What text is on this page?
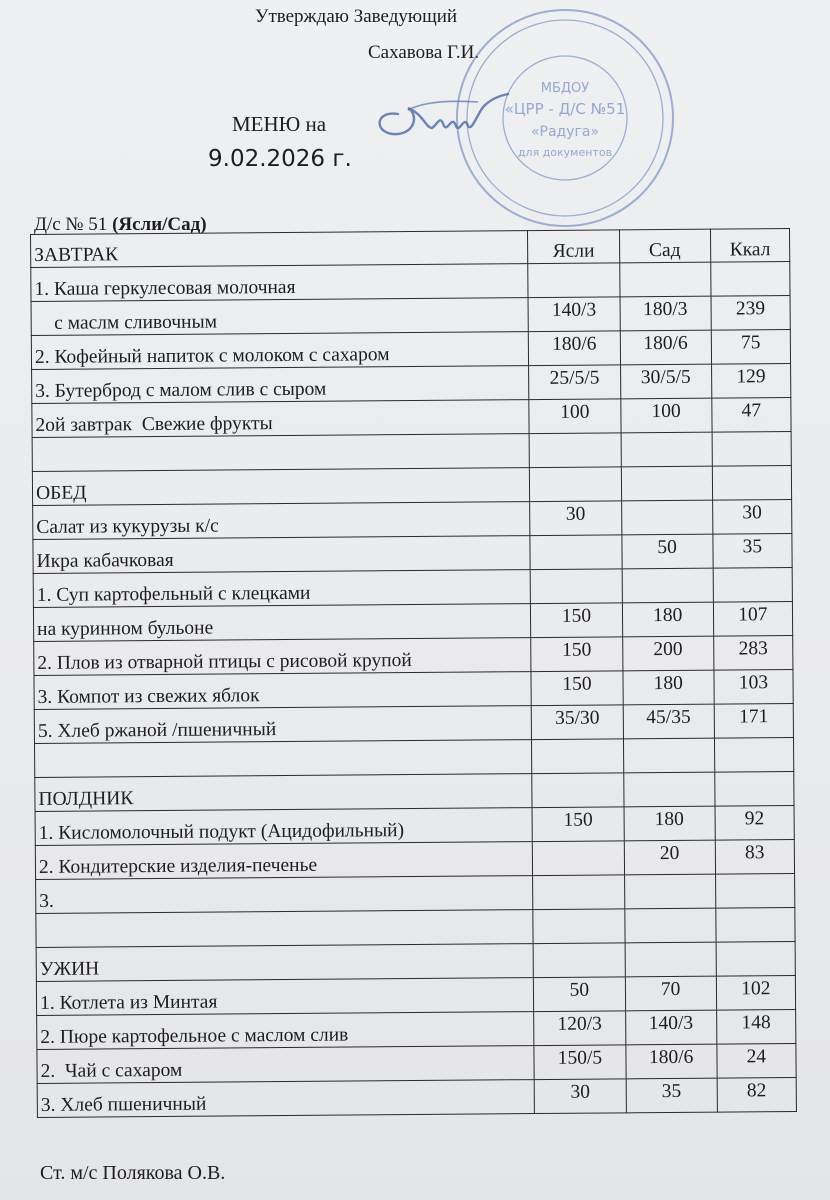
Утверждаю Заведующий
Сахавова Г.И.
МБДОУ
«ЦРР - Д/С №51
«Радуга»
для документов
МЕНЮ на
9.02.2026 г.
Д/с № 51 (Ясли/Сад)
ЗАВТРАК	Ясли	Сад	Ккал
1. Каша геркулесовая молочная			
с маслм сливочным	140/3	180/3	239
2. Кофейный напиток с молоком с сахаром	180/6	180/6	75
3. Бутерброд с малом слив с сыром	25/5/5	30/5/5	129
2ой завтрак  Свежие фрукты	100	100	47

ОБЕД			
Салат из кукурузы к/с	30		30
Икра кабачковая		50	35
1. Суп картофельный с клецками			
на куринном бульоне	150	180	107
2. Плов из отварной птицы с рисовой крупой	150	200	283
3. Компот из свежих яблок	150	180	103
5. Хлеб ржаной /пшеничный	35/30	45/35	171

ПОЛДНИК			
1. Кисломолочный подукт (Ацидофильный)	150	180	92
2. Кондитерские изделия-печенье		20	83
3.			

УЖИН			
1. Котлета из Минтая	50	70	102
2. Пюре картофельное с маслом слив	120/3	140/3	148
2.  Чай с сахаром	150/5	180/6	24
3. Хлеб пшеничный	30	35	82
Ст. м/с Полякова О.В.
